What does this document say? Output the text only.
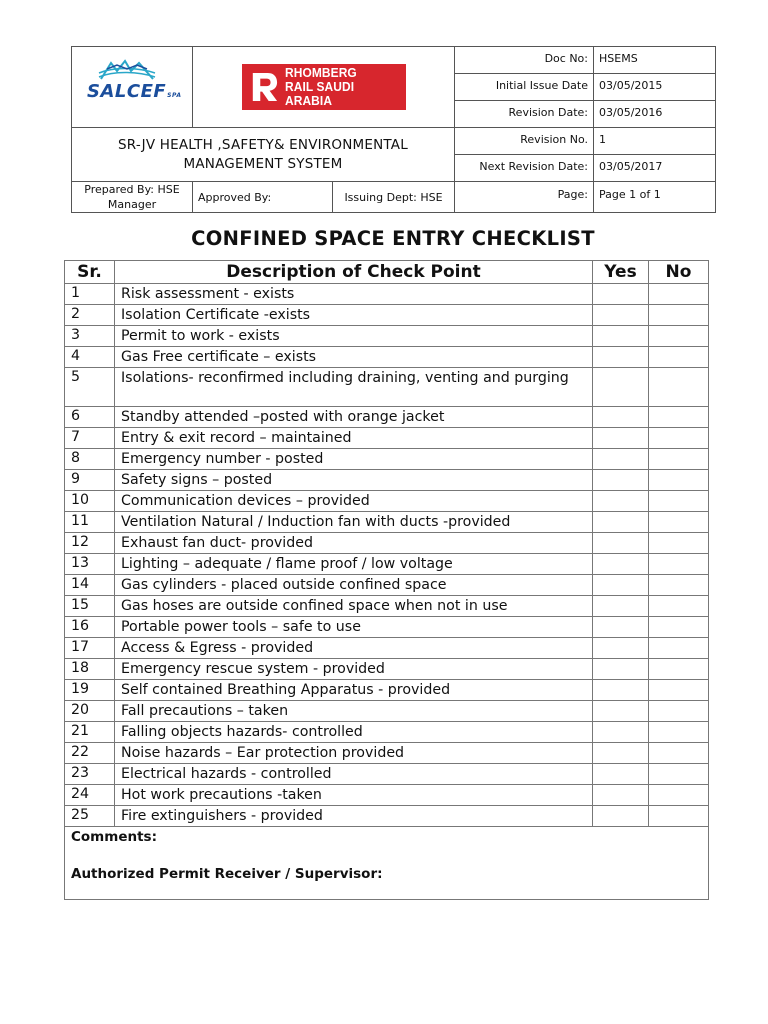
SALCEFSPA	RHOMBERG
RAIL SAUDI ARABIA		Doc No:	HSEMS
			Initial Issue Date	03/05/2015
			Revision Date:	03/05/2016
SR-JV HEALTH ,SAFETY& ENVIRONMENTAL MANAGEMENT SYSTEM			Revision No.	1
			Next Revision Date:	03/05/2017
Prepared By: HSE Manager	Approved By:	Issuing Dept: HSE	Page:	Page 1 of 1
CONFINED SPACE ENTRY CHECKLIST
Sr.	Description of Check Point	Yes	No
1	Risk assessment - exists		
2	Isolation Certificate -exists		
3	Permit to work - exists		
4	Gas Free certificate – exists		
5	Isolations- reconfirmed including draining, venting and purging		
6	Standby attended –posted with orange jacket		
7	Entry & exit record – maintained		
8	Emergency number - posted		
9	Safety signs – posted		
10	Communication devices – provided		
11	Ventilation Natural / Induction fan with ducts -provided		
12	Exhaust fan duct- provided		
13	Lighting – adequate / flame proof / low voltage		
14	Gas cylinders - placed outside confined space		
15	Gas hoses are outside confined space when not in use		
16	Portable power tools – safe to use		
17	Access & Egress - provided		
18	Emergency rescue system - provided		
19	Self contained Breathing Apparatus - provided		
20	Fall precautions – taken		
21	Falling objects hazards- controlled		
22	Noise hazards – Ear protection provided		
23	Electrical hazards - controlled		
24	Hot work precautions -taken		
25	Fire extinguishers - provided		

Comments:
Authorized Permit Receiver / Supervisor:			
